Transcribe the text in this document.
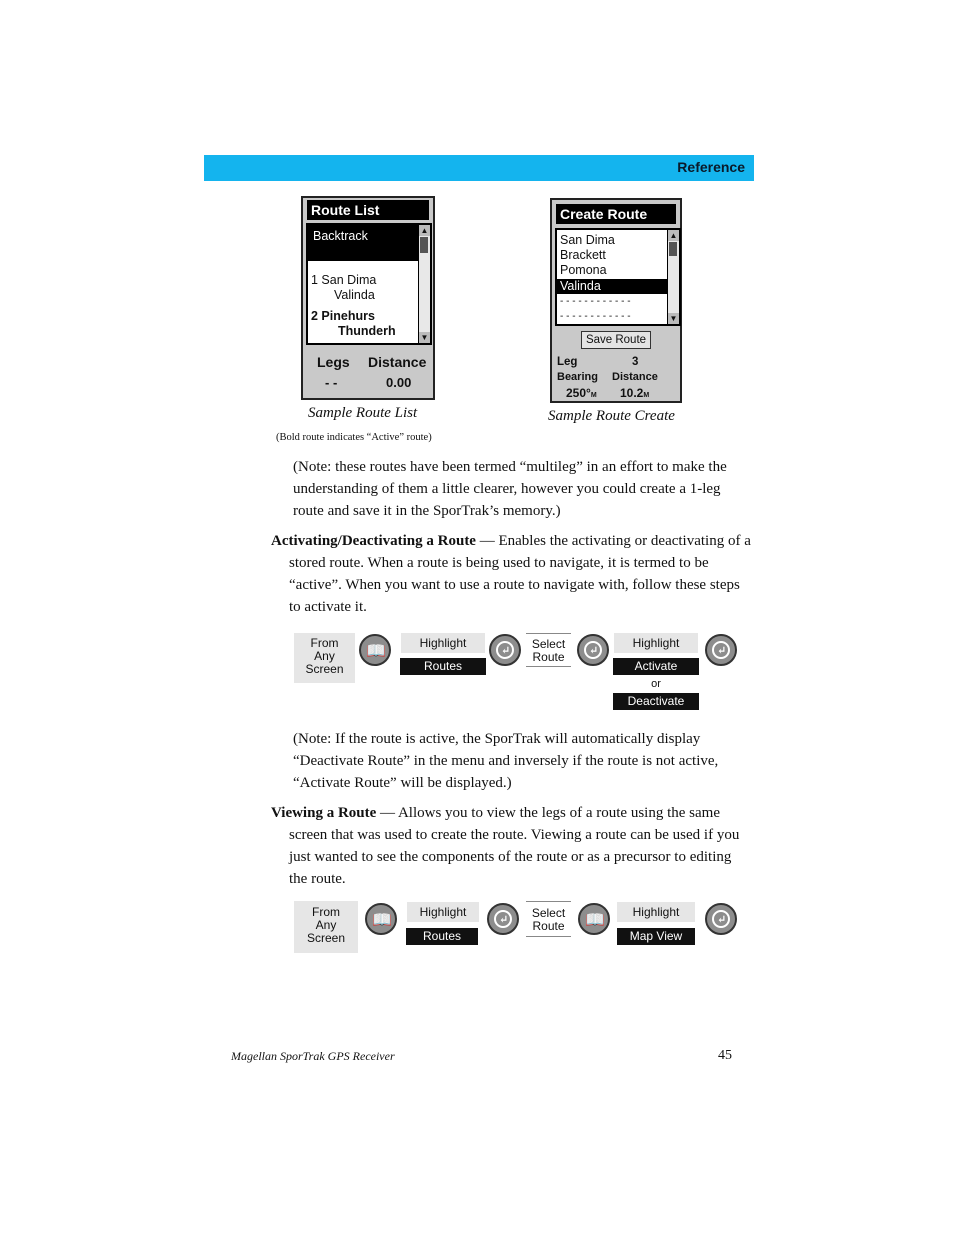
Reference
Route List
Backtrack
1 San Dima
Valinda
2 Pinehurs
Thunderh
▲
▼
Legs Distance
- -	0.00
Sample Route List
(Bold route indicates “Active” route)
Create Route
San Dima
Brackett
Pomona
Valinda
- - - - - - - - - - - -
- - - - - - - - - - - -
▲
▼
Save Route
Leg	3
Bearing Distance
250°M 10.2M
Sample Route Create
(Note: these routes have been termed “multileg” in an effort to make the understanding of them a little clearer, however you could create a 1-leg route and save it in the SporTrak’s memory.)
Activating/Deactivating a Route — Enables the activating or deactivating of a stored route. When a route is being used to navigate, it is termed to be “active”. When you want to use a route to navigate with, follow these steps to activate it.
From
Any
Screen
📖	Highlight
Routes
↵	Select
Route	↵
Highlight
Activate
or
Deactivate
↵
(Note: If the route is active, the SporTrak will automatically display “Deactivate Route” in the menu and inversely if the route is not active, “Activate Route” will be displayed.)
Viewing a Route — Allows you to view the legs of a route using the same screen that was used to create the route. Viewing a route can be used if you just wanted to see the components of the route or as a precursor to editing the route.
From
Any
Screen
📖	Highlight
Routes
↵	Select
Route	📖	Highlight
Map View
↵
Magellan SporTrak GPS Receiver	45
